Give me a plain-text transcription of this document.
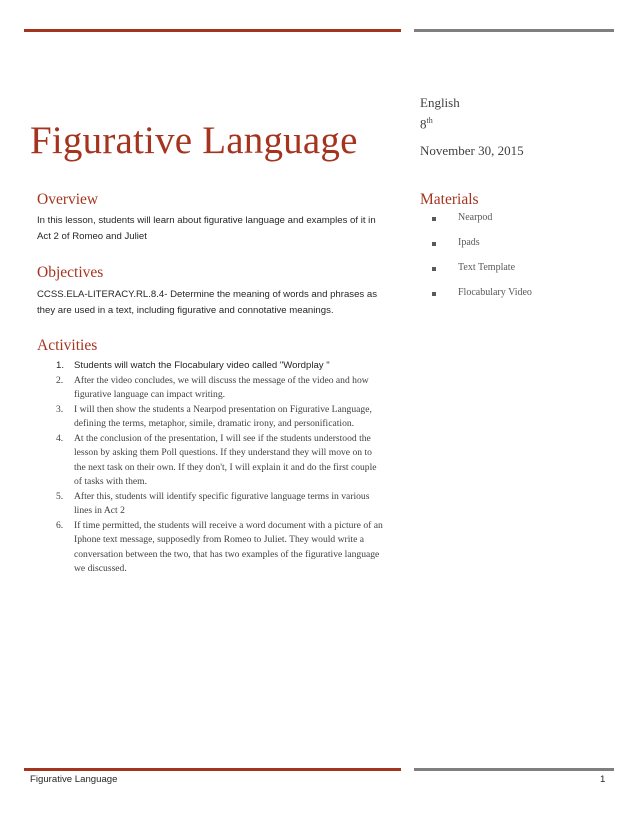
Figurative Language
English
8th
November 30, 2015
Overview
In this lesson, students will learn about figurative language and examples of it in Act 2 of Romeo and Juliet
Objectives
CCSS.ELA-LITERACY.RL.8.4- Determine the meaning of words and phrases as they are used in a text, including figurative and connotative meanings.
Activities
1.	Students will watch the Flocabulary video called "Wordplay "
2.	After the video concludes, we will discuss the message of the video and how figurative language can impact writing.
3.	I will then show the students a Nearpod presentation on Figurative Language, defining the terms, metaphor, simile, dramatic irony, and personification.
4.	At the conclusion of the presentation, I will see if the students understood the lesson by asking them Poll questions. If they understand they will move on to the next task on their own. If they don't, I will explain it and do the first couple of tasks with them.
5.	After this, students will identify specific figurative language terms in various lines in Act 2
6.	If time permitted, the students will receive a word document with a picture of an Iphone text message, supposedly from Romeo to Juliet. They would write a conversation between the two, that has two examples of the figurative language we discussed.
Materials
Nearpod
Ipads
Text Template
Flocabulary Video
Figurative Language	1
